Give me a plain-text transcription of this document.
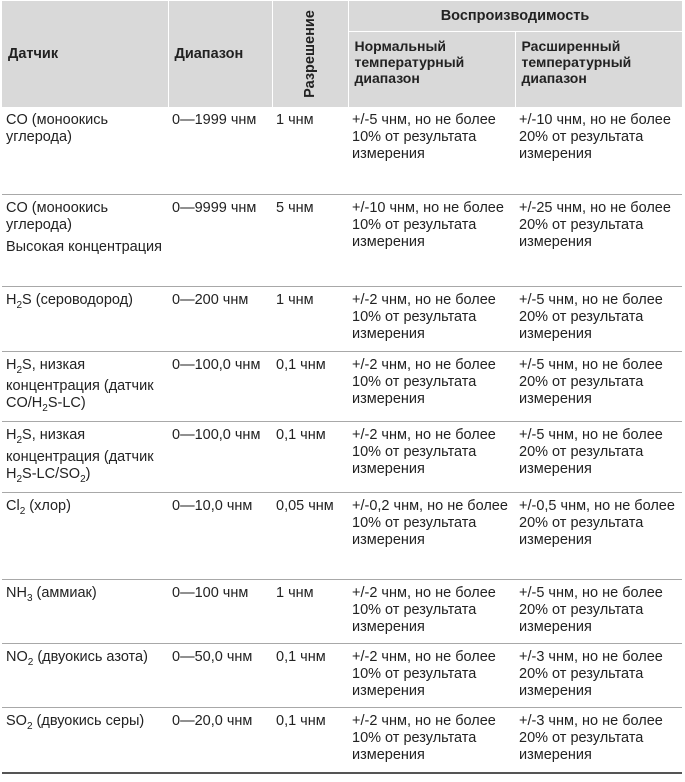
Датчик	Диапазон	Разрешение	Воспроизводимость	
			Нормальный температурный диапазон	Расширенный температурный диапазон
CO (моноокись углерода)	0—1999 чнм	1 чнм	+/-5 чнм, но не более 10% от результата измерения	+/-10 чнм, но не более 20% от результата измерения

CO (моноокись углерода)
Высокая концентрация	0—9999 чнм	5 чнм	+/-10 чнм, но не более 10% от результата измерения	+/-25 чнм, но не более 20% от результата измерения
$H_2S$ (сероводород)	0—200 чнм	1 чнм	+/-2 чнм, но не более 10% от результата измерения	+/-5 чнм, но не более 20% от результата измерения
$H_2S$, низкая концентрация (датчик $CO/H_2S-LC$)	0—100,0 чнм	0,1 чнм	+/-2 чнм, но не более 10% от результата измерения	+/-5 чнм, но не более 20% от результата измерения
$H_2S$, низкая концентрация (датчик $H_2S-LC/SO_2$)	0—100,0 чнм	0,1 чнм	+/-2 чнм, но не более 10% от результата измерения	+/-5 чнм, но не более 20% от результата измерения
$Cl_2$ (хлор)	0—10,0 чнм	0,05 чнм	+/-0,2 чнм, но не более 10% от результата измерения	+/-0,5 чнм, но не более 20% от результата измерения
$NH_3$ (аммиак)	0—100 чнм	1 чнм	+/-2 чнм, но не более 10% от результата измерения	+/-5 чнм, но не более 20% от результата измерения
$NO_2$ (двуокись азота)	0—50,0 чнм	0,1 чнм	+/-2 чнм, но не более 10% от результата измерения	+/-3 чнм, но не более 20% от результата измерения
$SO_2$ (двуокись серы)	0—20,0 чнм	0,1 чнм	+/-2 чнм, но не более 10% от результата измерения	+/-3 чнм, но не более 20% от результата измерения
